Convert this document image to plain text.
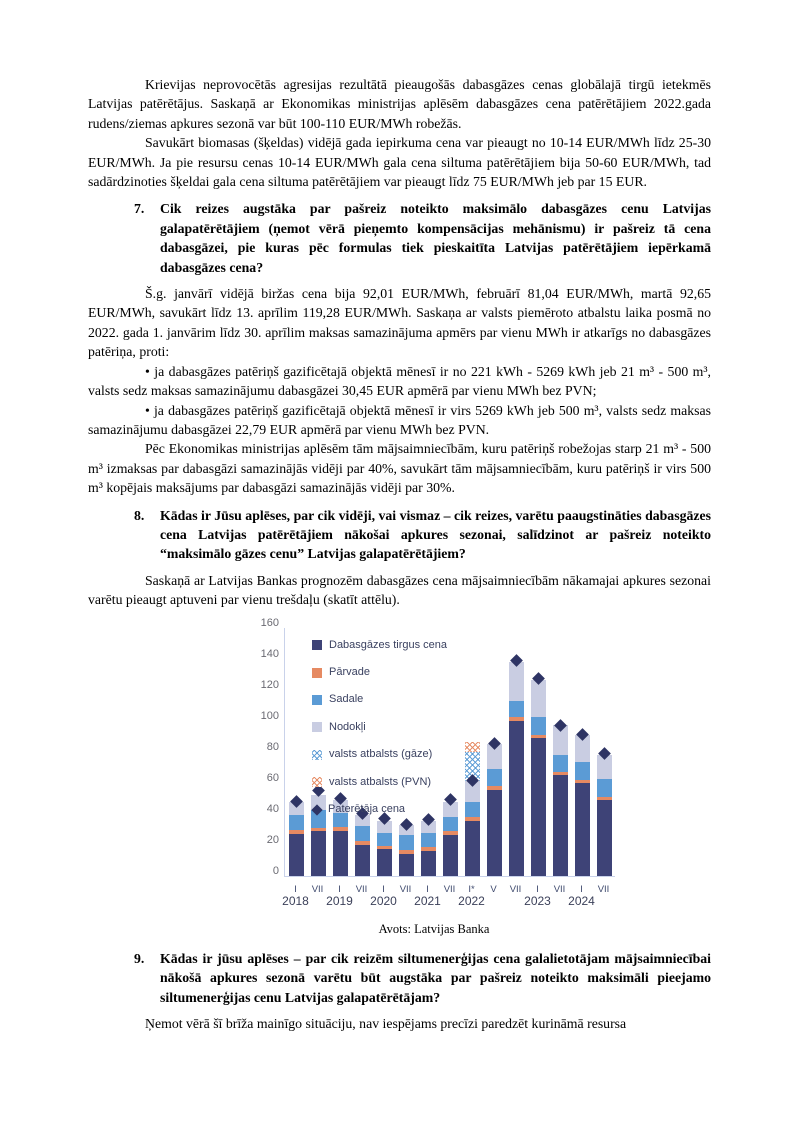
Krievijas neprovocētās agresijas rezultātā pieaugošās dabasgāzes cenas globālajā tirgū ietekmēs Latvijas patērētājus. Saskaņā ar Ekonomikas ministrijas aplēsēm dabasgāzes cena patērētājiem 2022.gada rudens/ziemas apkures sezonā var būt 100-110 EUR/MWh robežās.

Savukārt biomasas (šķeldas) vidējā gada iepirkuma cena var pieaugt no 10-14 EUR/MWh līdz 25-30 EUR/MWh. Ja pie resursu cenas 10-14 EUR/MWh gala cena siltuma patērētājiem bija 50-60 EUR/MWh, tad sadārdzinoties šķeldai gala cena siltuma patērētājiem var pieaugt līdz 75 EUR/MWh jeb par 15 EUR.

7. Cik reizes augstāka par pašreiz noteikto maksimālo dabasgāzes cenu Latvijas galapatērētājiem (ņemot vērā pieņemto kompensācijas mehānismu) ir pašreiz tā cena dabasgāzei, pie kuras pēc formulas tiek pieskaitīta Latvijas patērētājiem iepērkamā dabasgāzes cena?

Š.g. janvārī vidējā biržas cena bija 92,01 EUR/MWh, februārī 81,04 EUR/MWh, martā 92,65 EUR/MWh, savukārt līdz 13. aprīlim 119,28 EUR/MWh. Saskaņa ar valsts piemēroto atbalstu laika posmā no 2022. gada 1. janvārim līdz 30. aprīlim maksas samazinājuma apmērs par vienu MWh ir atkarīgs no dabasgāzes patēriņa, proti:

• ja dabasgāzes patēriņš gazificētajā objektā mēnesī ir no 221 kWh - 5269 kWh jeb 21 m³ - 500 m³, valsts sedz maksas samazinājumu dabasgāzei 30,45 EUR apmērā par vienu MWh bez PVN;

• ja dabasgāzes patēriņš gazificētajā objektā mēnesī ir virs 5269 kWh jeb 500 m³, valsts sedz maksas samazinājumu dabasgāzei 22,79 EUR apmērā par vienu MWh bez PVN.

Pēc Ekonomikas ministrijas aplēsēm tām mājsaimniecībām, kuru patēriņš robežojas starp 21 m³ - 500 m³ izmaksas par dabasgāzi samazinājās vidēji par 40%, savukārt tām mājsamniecībām, kuru patēriņš ir virs 500 m³ kopējais maksājums par dabasgāzi samazinājās vidēji par 30%.

8. Kādas ir Jūsu aplēses, par cik vidēji, vai vismaz – cik reizes, varētu paaugstināties dabasgāzes cena Latvijas patērētājiem nākošai apkures sezonai, salīdzinot ar pašreiz noteikto “maksimālo gāzes cenu” Latvijas galapatērētājiem?

Saskaņā ar Latvijas Bankas prognozēm dabasgāzes cena mājsaimniecībām nākamajai apkures sezonai varētu pieaugt aptuveni par vienu trešdaļu (skatīt attēlu).

0
20
40
60
80
100
120
140
160
Dabasgāzes tirgus cena
Pārvade
Sadale
Nodokļi
valsts atbalsts (gāze)
valsts atbalsts (PVN)
Paterētāja cena
I
2018
VII	I
2019
VII	I
2020
VII	I
2021
VII	I*
2022
V	VII	I
2023
VII	I
2024
VII
Avots: Latvijas Banka
9. Kādas ir jūsu aplēses – par cik reizēm siltumenerģijas cena galalietotājam mājsaimniecībai nākošā apkures sezonā varētu būt augstāka par pašreiz noteikto maksimāli pieejamo siltumenerģijas cenu Latvijas galapatērētājam?

Ņemot vērā šī brīža mainīgo situāciju, nav iespējams precīzi paredzēt kurināmā resursa
